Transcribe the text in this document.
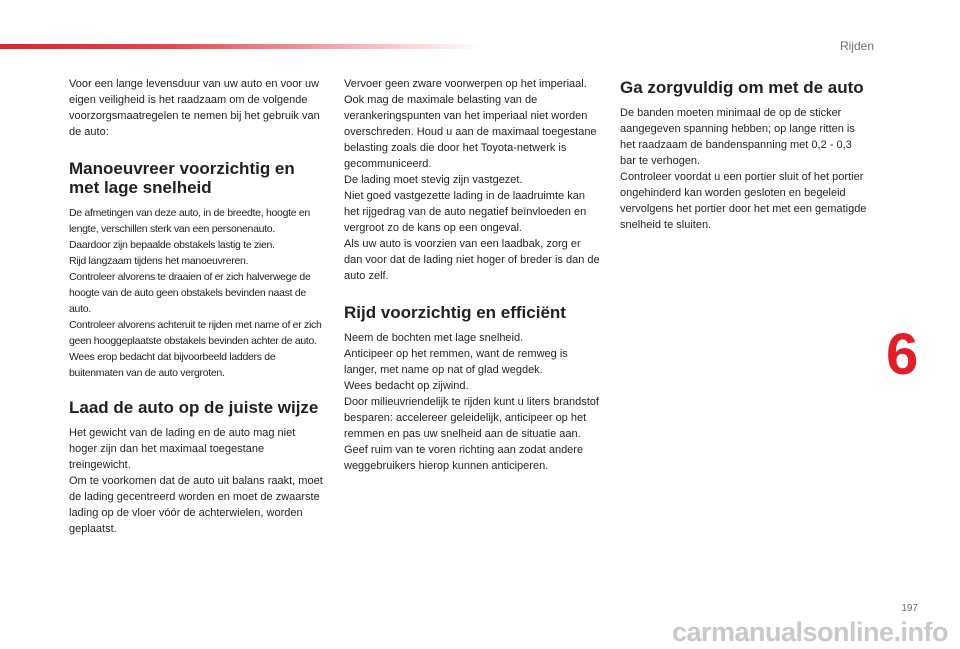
Rijden
6

Voor een lange levensduur van uw auto en voor uw eigen veiligheid is het raadzaam om de volgende voorzorgsmaatregelen te nemen bij het gebruik van de auto:

Manoeuvreer voorzichtig en met lage snelheid

De afmetingen van deze auto, in de breedte, hoogte en lengte, verschillen sterk van een personenauto.

Daardoor zijn bepaalde obstakels lastig te zien.

Rijd langzaam tijdens het manoeuvreren.

Controleer alvorens te draaien of er zich halverwege de hoogte van de auto geen obstakels bevinden naast de auto.

Controleer alvorens achteruit te rijden met name of er zich geen hooggeplaatste obstakels bevinden achter de auto.

Wees erop bedacht dat bijvoorbeeld ladders de buitenmaten van de auto vergroten.

Laad de auto op de juiste wijze

Het gewicht van de lading en de auto mag niet hoger zijn dan het maximaal toegestane treingewicht.

Om te voorkomen dat de auto uit balans raakt, moet de lading gecentreerd worden en moet de zwaarste lading op de vloer vóór de achterwielen, worden geplaatst.

Vervoer geen zware voorwerpen op het imperiaal.

Ook mag de maximale belasting van de verankeringspunten van het imperiaal niet worden overschreden. Houd u aan de maximaal toegestane belasting zoals die door het Toyota-netwerk is gecommuniceerd.

De lading moet stevig zijn vastgezet.

Niet goed vastgezette lading in de laadruimte kan het rijgedrag van de auto negatief beïnvloeden en vergroot zo de kans op een ongeval.

Als uw auto is voorzien van een laadbak, zorg er dan voor dat de lading niet hoger of breder is dan de auto zelf.

Rijd voorzichtig en efficiënt

Neem de bochten met lage snelheid.

Anticipeer op het remmen, want de remweg is langer, met name op nat of glad wegdek.

Wees bedacht op zijwind.

Door milieuvriendelijk te rijden kunt u liters brandstof besparen: accelereer geleidelijk, anticipeer op het remmen en pas uw snelheid aan de situatie aan.

Geef ruim van te voren richting aan zodat andere weggebruikers hierop kunnen anticiperen.

Ga zorgvuldig om met de auto

De banden moeten minimaal de op de sticker aangegeven spanning hebben; op lange ritten is het raadzaam de bandenspanning met 0,2 - 0,3 bar te verhogen.

Controleer voordat u een portier sluit of het portier ongehinderd kan worden gesloten en begeleid vervolgens het portier door het met een gematigde snelheid te sluiten.

197
carmanualsonline.info
